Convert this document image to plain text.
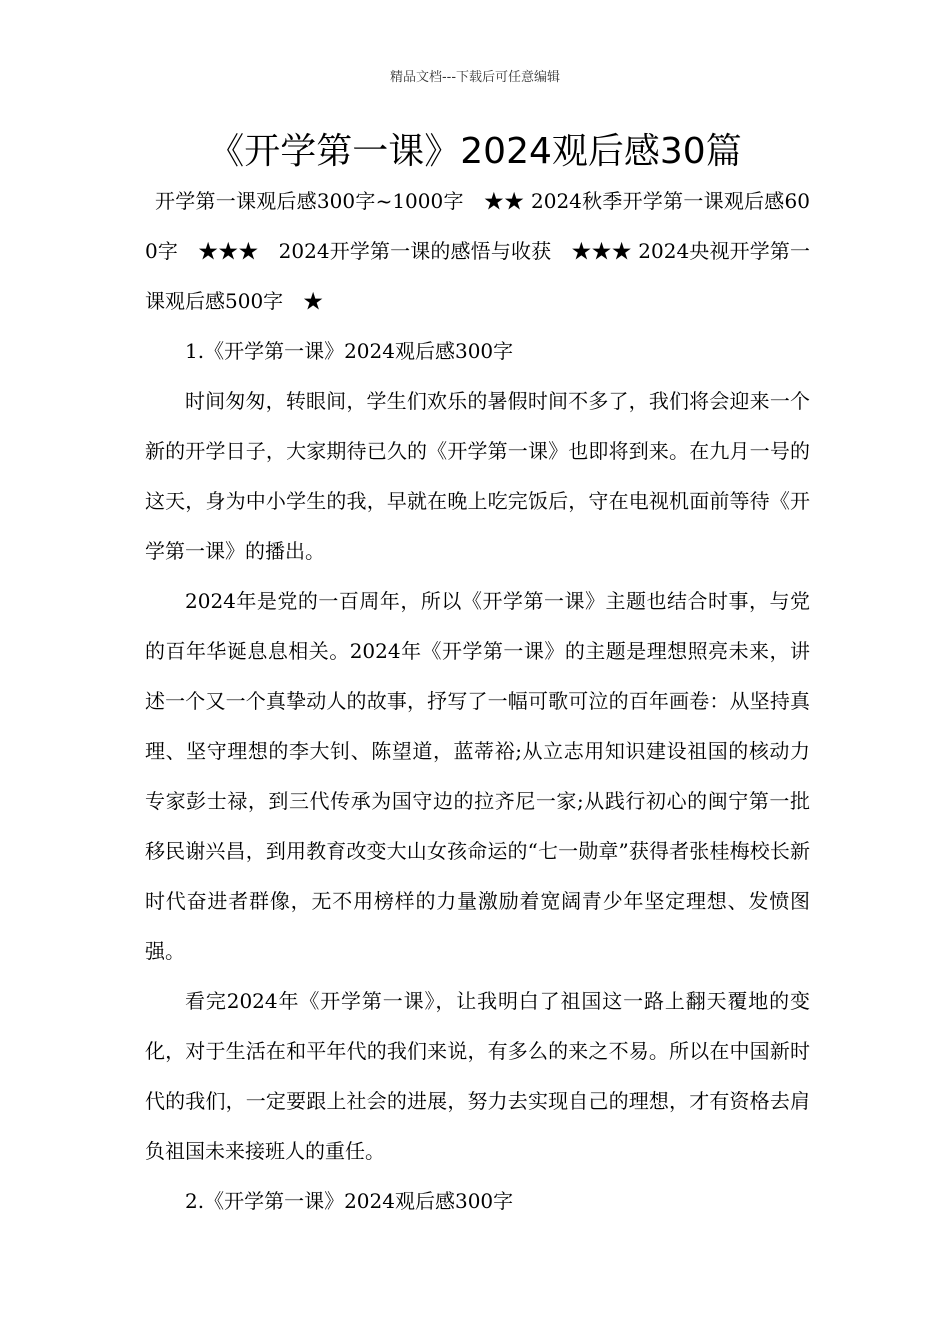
精品文档---下载后可任意编辑
《开学第一课》2024观后感30篇

开学第一课观后感300字~1000字　★★ 2024秋季开学第一课观后感600字　★★★　2024开学第一课的感悟与收获　★★★ 2024央视开学第一课观后感500字　★

1.《开学第一课》2024观后感300字

时间匆匆，转眼间，学生们欢乐的暑假时间不多了，我们将会迎来一个新的开学日子，大家期待已久的《开学第一课》也即将到来。在九月一号的这天，身为中小学生的我，早就在晚上吃完饭后，守在电视机面前等待《开学第一课》的播出。

2024年是党的一百周年，所以《开学第一课》主题也结合时事，与党的百年华诞息息相关。2024年《开学第一课》的主题是理想照亮未来，讲述一个又一个真挚动人的故事，抒写了一幅可歌可泣的百年画卷：从坚持真理、坚守理想的李大钊、陈望道，蓝蒂裕;从立志用知识建设祖国的核动力专家彭士禄，到三代传承为国守边的拉齐尼一家;从践行初心的闽宁第一批移民谢兴昌，到用教育改变大山女孩命运的“七一勋章”获得者张桂梅校长新时代奋进者群像，无不用榜样的力量激励着宽阔青少年坚定理想、发愤图强。

看完2024年《开学第一课》，让我明白了祖国这一路上翻天覆地的变化，对于生活在和平年代的我们来说，有多么的来之不易。所以在中国新时代的我们，一定要跟上社会的进展，努力去实现自己的理想，才有资格去肩负祖国未来接班人的重任。

2.《开学第一课》2024观后感300字
